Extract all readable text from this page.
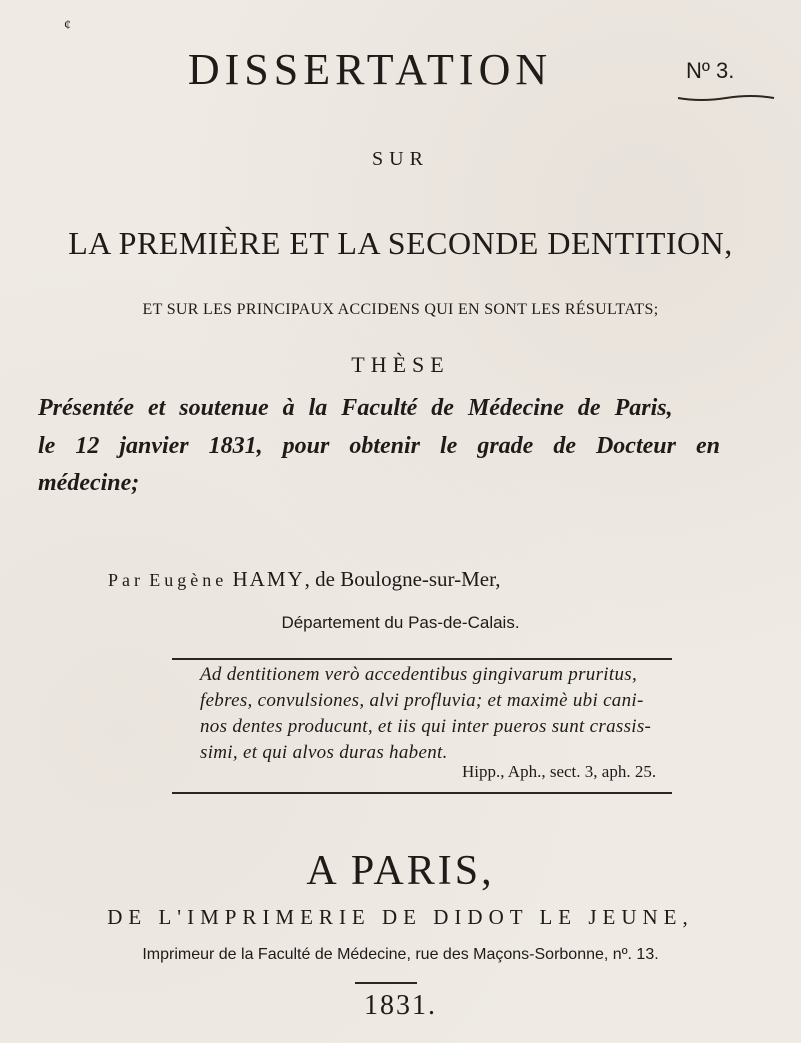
¢
DISSERTATION	Nº 3.
SUR
LA PREMIÈRE ET LA SECONDE DENTITION,
ET SUR LES PRINCIPAUX ACCIDENS QUI EN SONT LES RÉSULTATS;
THÈSE
Présentée et soutenue à la Faculté de Médecine de Paris,
le 12 janvier 1831, pour obtenir le grade de Docteur en
médecine;
Par Eugène HAMY, de Boulogne-sur-Mer,
Département du Pas-de-Calais.
Ad dentitionem verò accedentibus gingivarum pruritus,
febres, convulsiones, alvi profluvia; et maximè ubi cani-
nos dentes producunt, et iis qui inter pueros sunt crassis-
simi, et qui alvos duras habent.
Hipp., Aph., sect. 3, aph. 25.
A PARIS,
DE L'IMPRIMERIE DE DIDOT LE JEUNE,
Imprimeur de la Faculté de Médecine, rue des Maçons-Sorbonne, nº. 13.
1831.
